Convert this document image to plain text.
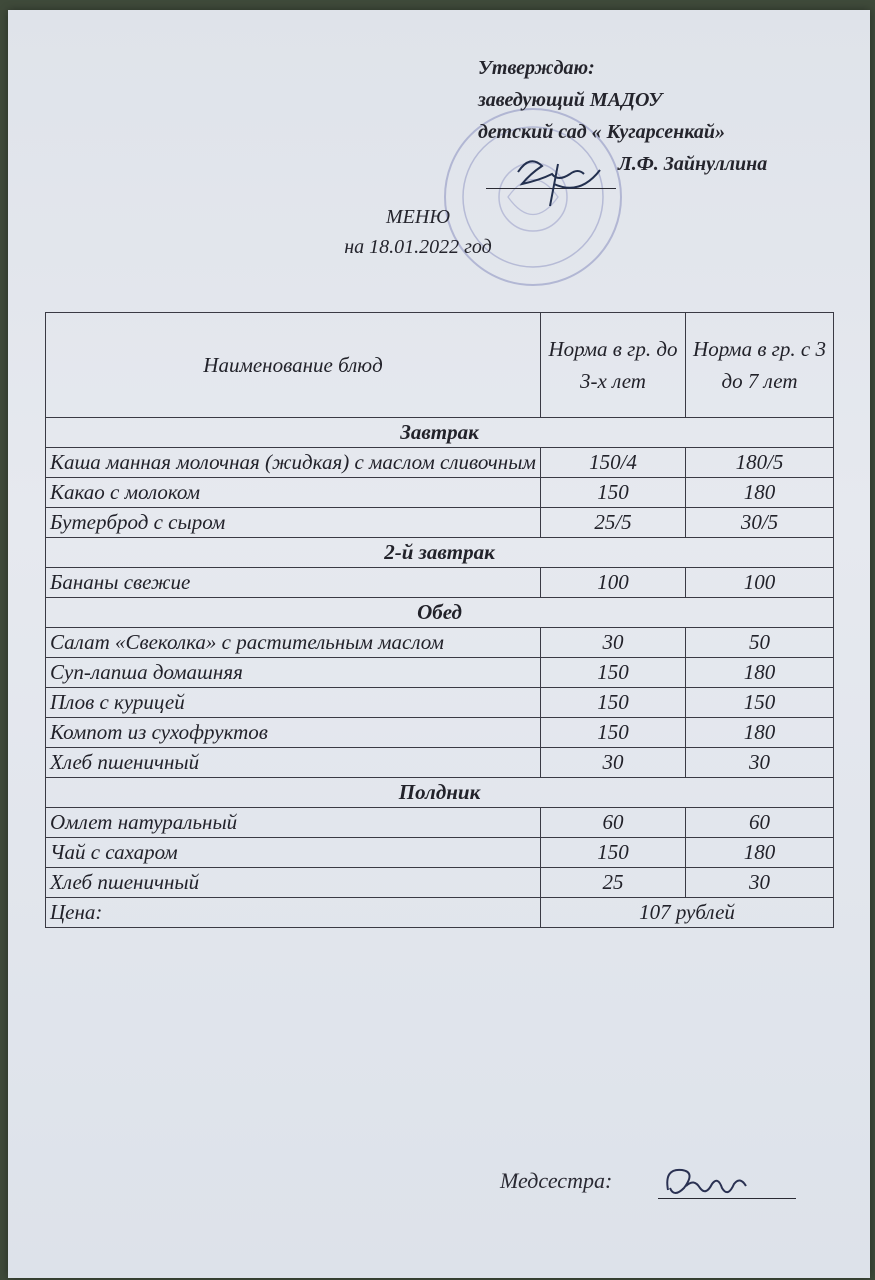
Утверждаю:
заведующий МАДОУ
детский сад « Кугарсенкай»
Л.Ф. Зайнуллина
МЕНЮ
на 18.01.2022 год
Наименование блюд	Норма в гр. до 3-х лет	Норма в гр. с 3 до 7 лет
Завтрак		
Каша манная молочная (жидкая) с маслом сливочным	150/4	180/5
Какао с молоком	150	180
Бутерброд с сыром	25/5	30/5
2-й завтрак		
Бананы свежие	100	100
Обед		
Салат «Свеколка» с растительным маслом	30	50
Суп-лапша домашняя	150	180
Плов с курицей	150	150
Компот из сухофруктов	150	180
Хлеб пшеничный	30	30
Полдник		
Омлет натуральный	60	60
Чай с сахаром	150	180
Хлеб пшеничный	25	30
Цена:	107 рублей	
Медсестра:
